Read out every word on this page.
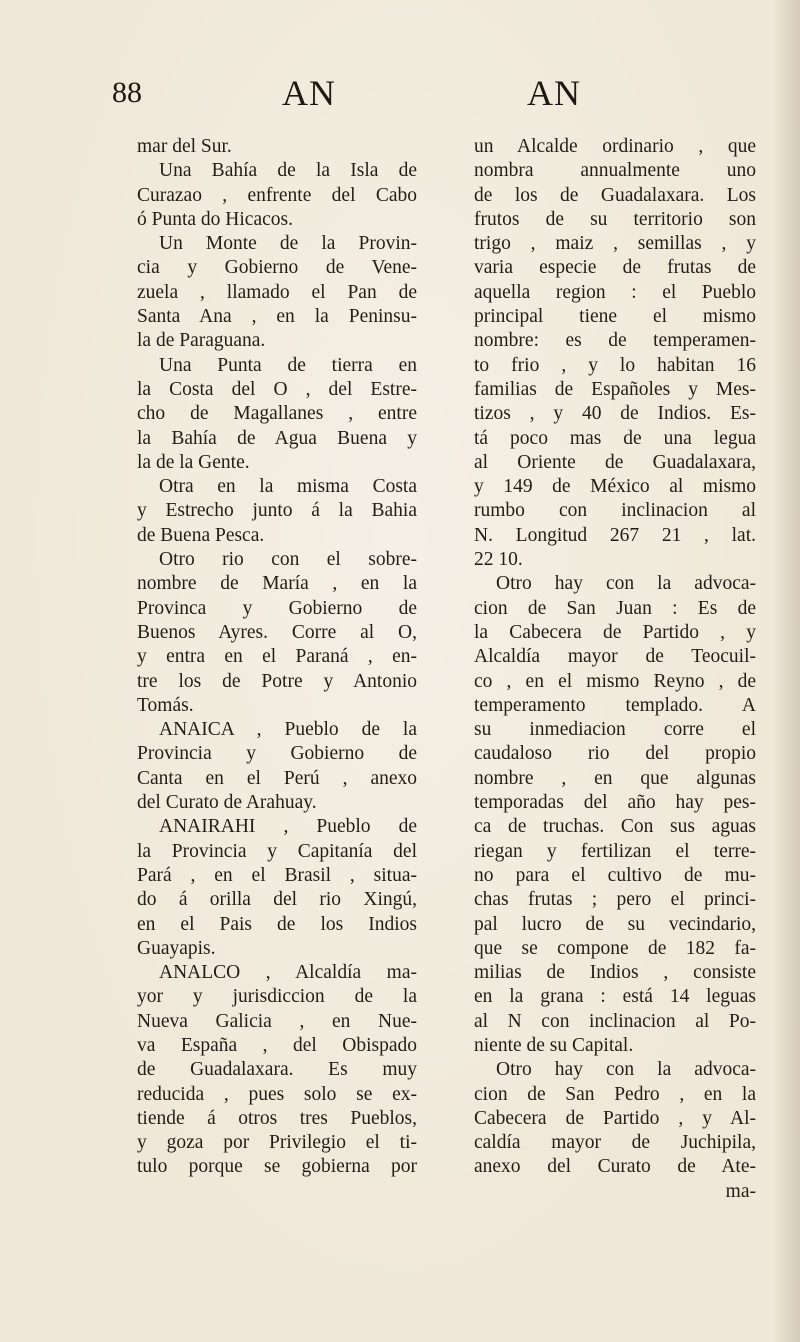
88	AN	AN
mar del Sur.
Una Bahía de la Isla de
Curazao , enfrente del Cabo
ó Punta do Hicacos.
Un Monte de la Provin-
cia y Gobierno de Vene-
zuela , llamado el Pan de
Santa Ana , en la Peninsu-
la de Paraguana.
Una Punta de tierra en
la Costa del O , del Estre-
cho de Magallanes , entre
la Bahía de Agua Buena y
la de la Gente.
Otra en la misma Costa
y Estrecho junto á la Bahia
de Buena Pesca.
Otro rio con el sobre-
nombre de María , en la
Provinca y Gobierno de
Buenos Ayres. Corre al O,
y entra en el Paraná , en-
tre los de Potre y Antonio
Tomás.
ANAICA , Pueblo de la
Provincia y Gobierno de
Canta en el Perú , anexo
del Curato de Arahuay.
ANAIRAHI , Pueblo de
la Provincia y Capitanía del
Pará , en el Brasil , situa-
do á orilla del rio Xingú,
en el Pais de los Indios
Guayapis.
ANALCO , Alcaldía ma-
yor y jurisdiccion de la
Nueva Galicia , en Nue-
va España , del Obispado
de Guadalaxara. Es muy
reducida , pues solo se ex-
tiende á otros tres Pueblos,
y goza por Privilegio el ti-
tulo porque se gobierna por
un Alcalde ordinario , que
nombra annualmente uno
de los de Guadalaxara. Los
frutos de su territorio son
trigo , maiz , semillas , y
varia especie de frutas de
aquella region : el Pueblo
principal tiene el mismo
nombre: es de temperamen-
to frio , y lo habitan 16
familias de Españoles y Mes-
tizos , y 40 de Indios. Es-
tá poco mas de una legua
al Oriente de Guadalaxara,
y 149 de México al mismo
rumbo con inclinacion al
N. Longitud 267 21 , lat.
22 10.
Otro hay con la advoca-
cion de San Juan : Es de
la Cabecera de Partido , y
Alcaldía mayor de Teocuil-
co , en el mismo Reyno , de
temperamento templado. A
su inmediacion corre el
caudaloso rio del propio
nombre , en que algunas
temporadas del año hay pes-
ca de truchas. Con sus aguas
riegan y fertilizan el terre-
no para el cultivo de mu-
chas frutas ; pero el princi-
pal lucro de su vecindario,
que se compone de 182 fa-
milias de Indios , consiste
en la grana : está 14 leguas
al N con inclinacion al Po-
niente de su Capital.
Otro hay con la advoca-
cion de San Pedro , en la
Cabecera de Partido , y Al-
caldía mayor de Juchipila,
anexo del Curato de Ate-
ma-
